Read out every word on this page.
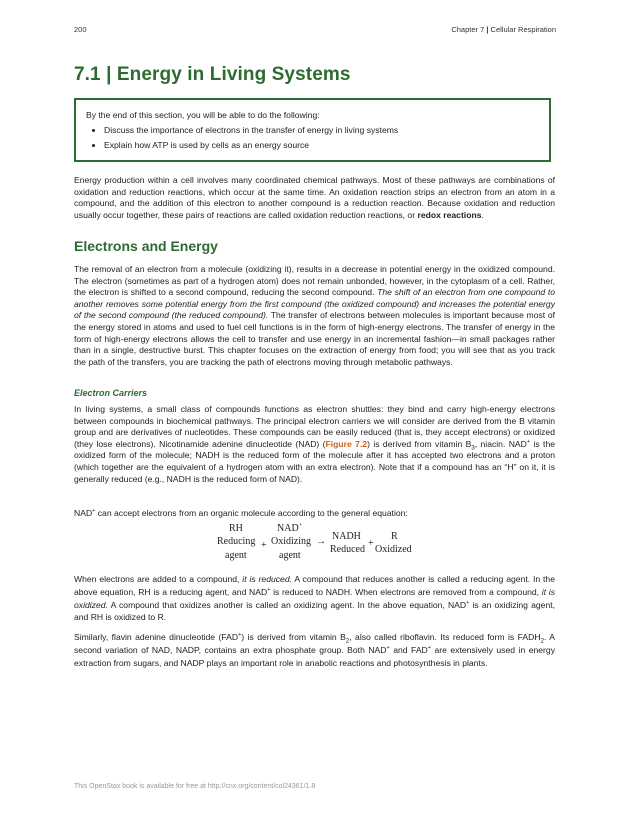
200	Chapter 7 | Cellular Respiration
7.1 | Energy in Living Systems

By the end of this section, you will be able to do the following:

• Discuss the importance of electrons in the transfer of energy in living systems
• Explain how ATP is used by cells as an energy source

Energy production within a cell involves many coordinated chemical pathways. Most of these pathways are combinations of oxidation and reduction reactions, which occur at the same time. An oxidation reaction strips an electron from an atom in a compound, and the addition of this electron to another compound is a reduction reaction. Because oxidation and reduction usually occur together, these pairs of reactions are called oxidation reduction reactions, or redox reactions.

Electrons and Energy

The removal of an electron from a molecule (oxidizing it), results in a decrease in potential energy in the oxidized compound. The electron (sometimes as part of a hydrogen atom) does not remain unbonded, however, in the cytoplasm of a cell. Rather, the electron is shifted to a second compound, reducing the second compound. The shift of an electron from one compound to another removes some potential energy from the first compound (the oxidized compound) and increases the potential energy of the second compound (the reduced compound). The transfer of electrons between molecules is important because most of the energy stored in atoms and used to fuel cell functions is in the form of high-energy electrons. The transfer of energy in the form of high-energy electrons allows the cell to transfer and use energy in an incremental fashion—in small packages rather than in a single, destructive burst. This chapter focuses on the extraction of energy from food; you will see that as you track the path of the transfers, you are tracking the path of electrons moving through metabolic pathways.

Electron Carriers

In living systems, a small class of compounds functions as electron shuttles: they bind and carry high-energy electrons between compounds in biochemical pathways. The principal electron carriers we will consider are derived from the B vitamin group and are derivatives of nucleotides. These compounds can be easily reduced (that is, they accept electrons) or oxidized (they lose electrons). Nicotinamide adenine dinucleotide (NAD) (Figure 7.2) is derived from vitamin $B_3$, niacin. NAD+ is the oxidized form of the molecule; NADH is the reduced form of the molecule after it has accepted two electrons and a proton (which together are the equivalent of a hydrogen atom with an extra electron). Note that if a compound has an “H” on it, it is generally reduced (e.g., NADH is the reduced form of NAD).

NAD+ can accept electrons from an organic molecule according to the general equation:

RH
Reducing
agent
+
NAD+
Oxidizing
agent
→ NADH
Reduced
+
R
Oxidized

When electrons are added to a compound, it is reduced. A compound that reduces another is called a reducing agent. In the above equation, RH is a reducing agent, and NAD+ is reduced to NADH. When electrons are removed from a compound, it is oxidized. A compound that oxidizes another is called an oxidizing agent. In the above equation, NAD+ is an oxidizing agent, and RH is oxidized to R.

Similarly, flavin adenine dinucleotide (FAD+) is derived from vitamin $B_2$, also called riboflavin. Its reduced form is $FADH_2$. A second variation of NAD, NADP, contains an extra phosphate group. Both NAD+ and FAD+ are extensively used in energy extraction from sugars, and NADP plays an important role in anabolic reactions and photosynthesis in plants.

This OpenStax book is available for free at http://cnx.org/content/col24361/1.8
